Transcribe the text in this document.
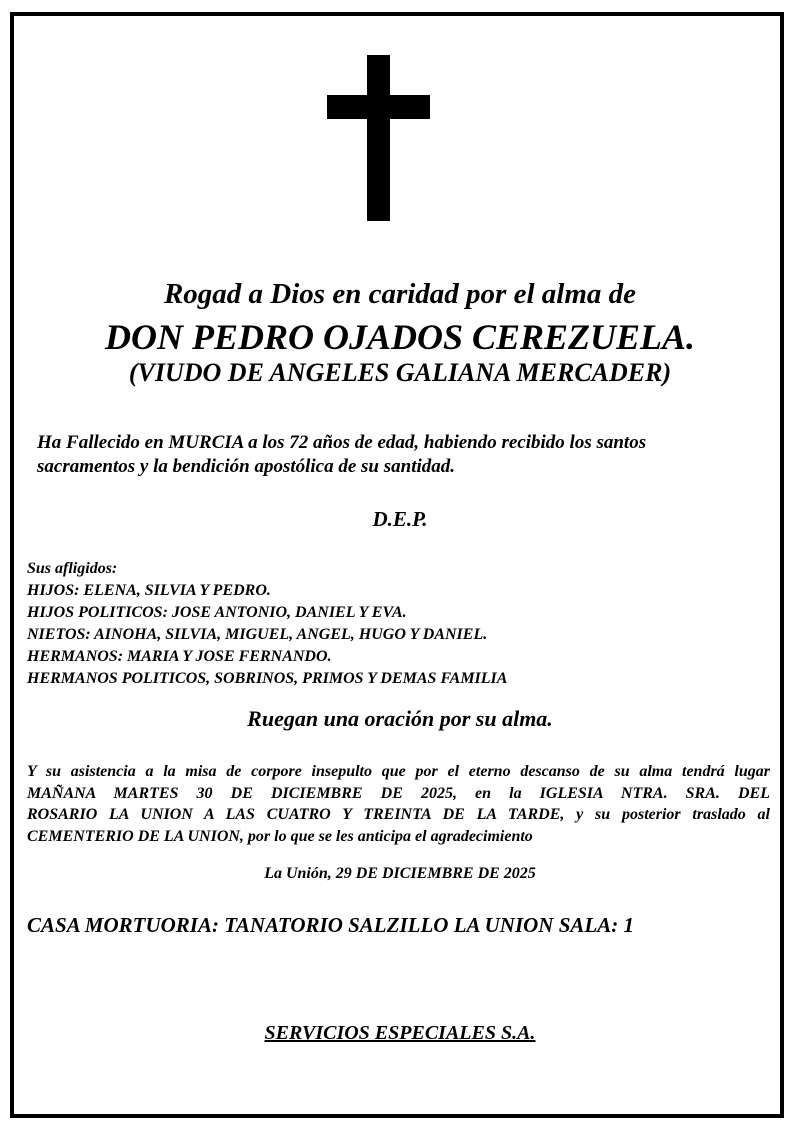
Rogad a Dios en caridad por el alma de

DON PEDRO OJADOS CEREZUELA.

(VIUDO DE ANGELES GALIANA MERCADER)

Ha Fallecido en MURCIA a los 72 años de edad, habiendo recibido los santos
sacramentos y la bendición apostólica de su santidad.

D.E.P.

Sus afligidos:
HIJOS: ELENA, SILVIA Y PEDRO.
HIJOS POLITICOS: JOSE ANTONIO, DANIEL Y EVA.
NIETOS: AINOHA, SILVIA, MIGUEL, ANGEL, HUGO Y DANIEL.
HERMANOS: MARIA Y JOSE FERNANDO.
HERMANOS POLITICOS, SOBRINOS, PRIMOS Y DEMAS FAMILIA

Ruegan una oración por su alma.

Y su asistencia a la misa de corpore insepulto que por el eterno descanso de su alma tendrá lugar
MAÑANA MARTES 30 DE DICIEMBRE DE 2025, en la IGLESIA NTRA. SRA. DEL
ROSARIO LA UNION A LAS CUATRO Y TREINTA DE LA TARDE, y su posterior traslado al
CEMENTERIO DE LA UNION, por lo que se les anticipa el agradecimiento

La Unión, 29 DE DICIEMBRE DE 2025

CASA MORTUORIA: TANATORIO SALZILLO LA UNION SALA: 1

SERVICIOS ESPECIALES S.A.
